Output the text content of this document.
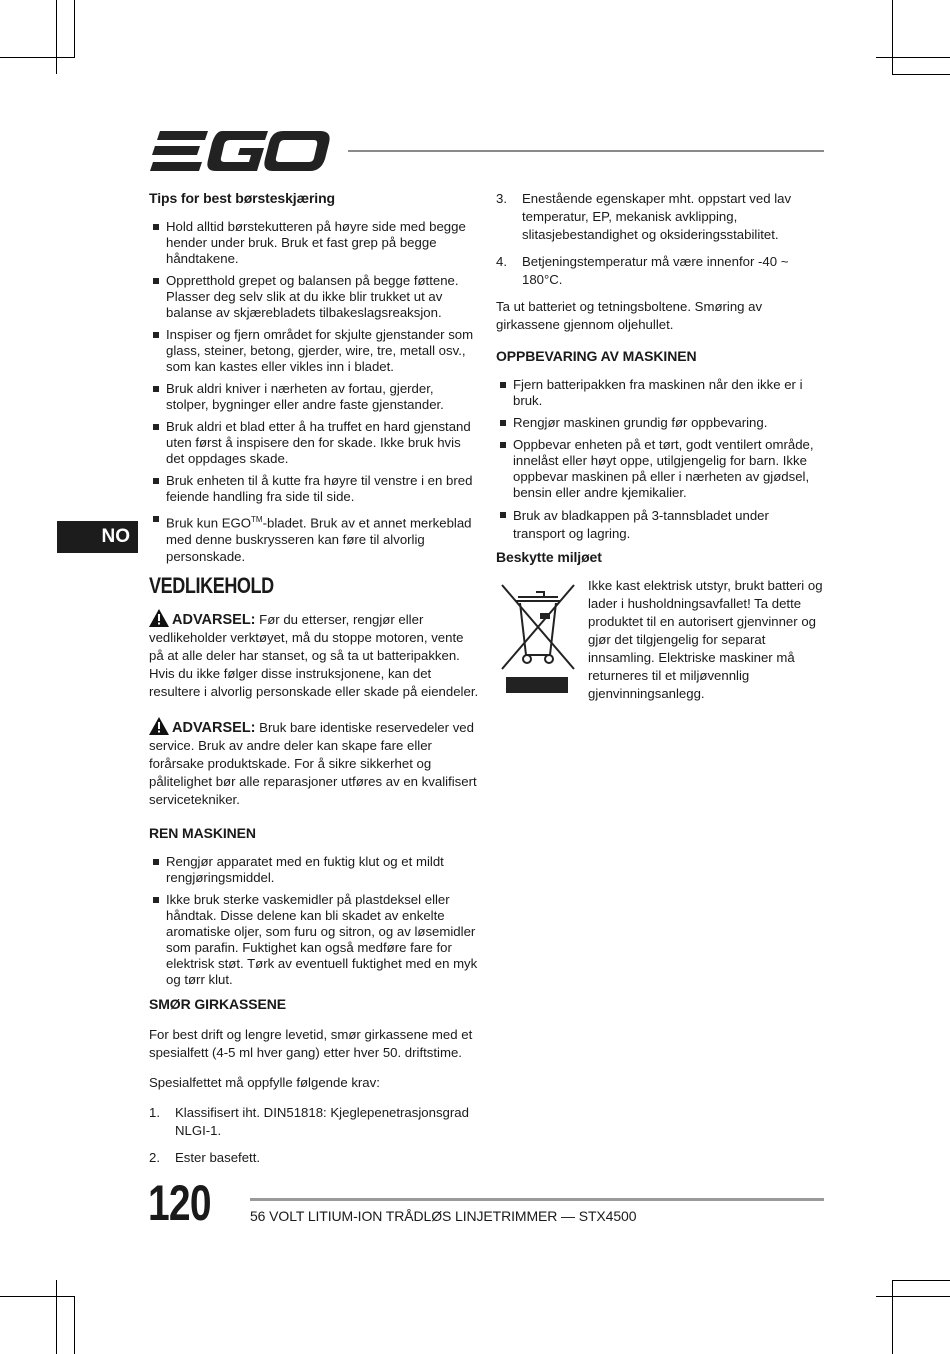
NO
Tips for best børsteskjæring
Hold alltid børstekutteren på høyre side med begge hender under bruk. Bruk et fast grep på begge håndtakene.
Oppretthold grepet og balansen på begge føttene. Plasser deg selv slik at du ikke blir trukket ut av balanse av skjærebladets tilbakeslagsreaksjon.
Inspiser og fjern området for skjulte gjenstander som glass, steiner, betong, gjerder, wire, tre, metall osv., som kan kastes eller vikles inn i bladet.
Bruk aldri kniver i nærheten av fortau, gjerder, stolper, bygninger eller andre faste gjenstander.
Bruk aldri et blad etter å ha truffet en hard gjenstand uten først å inspisere den for skade. Ikke bruk hvis det oppdages skade.
Bruk enheten til å kutte fra høyre til venstre i en bred feiende handling fra side til side.
Bruk kun EGO™-bladet. Bruk av et annet merkeblad med denne buskrysseren kan føre til alvorlig personskade.
VEDLIKEHOLD
ADVARSEL: Før du etterser, rengjør eller vedlikeholder verktøyet, må du stoppe motoren, vente på at alle deler har stanset, og så ta ut batteripakken. Hvis du ikke følger disse instruksjonene, kan det resultere i alvorlig personskade eller skade på eiendeler.
ADVARSEL: Bruk bare identiske reservedeler ved service. Bruk av andre deler kan skape fare eller forårsake produktskade. For å sikre sikkerhet og pålitelighet bør alle reparasjoner utføres av en kvalifisert servicetekniker.
REN MASKINEN
Rengjør apparatet med en fuktig klut og et mildt rengjøringsmiddel.
Ikke bruk sterke vaskemidler på plastdeksel eller håndtak. Disse delene kan bli skadet av enkelte aromatiske oljer, som furu og sitron, og av løsemidler som parafin. Fuktighet kan også medføre fare for elektrisk støt. Tørk av eventuell fuktighet med en myk og tørr klut.
SMØR GIRKASSENE
For best drift og lengre levetid, smør girkassene med et spesialfett (4-5 ml hver gang) etter hver 50. driftstime.
Spesialfettet må oppfylle følgende krav:
1.	Klassifisert iht. DIN51818: Kjeglepenetrasjonsgrad NLGI-1.
2.	Ester basefett.
3.	Enestående egenskaper mht. oppstart ved lav temperatur, EP, mekanisk avklipping, slitasjebestandighet og oksideringsstabilitet.
4.	Betjeningstemperatur må være innenfor -40 ~ 180°C.
Ta ut batteriet og tetningsboltene. Smøring av girkassene gjennom oljehullet.
OPPBEVARING AV MASKINEN
Fjern batteripakken fra maskinen når den ikke er i bruk.
Rengjør maskinen grundig før oppbevaring.
Oppbevar enheten på et tørt, godt ventilert område, innelåst eller høyt oppe, utilgjengelig for barn. Ikke oppbevar maskinen på eller i nærheten av gjødsel, bensin eller andre kjemikalier.
Bruk av bladkappen på 3-tannsbladet under transport og lagring.
Beskytte miljøet
Ikke kast elektrisk utstyr, brukt batteri og lader i husholdningsavfallet! Ta dette produktet til en autorisert gjenvinner og gjør det tilgjengelig for separat innsamling. Elektriske maskiner må returneres til et miljøvennlig gjenvinningsanlegg.
120	56 VOLT LITIUM-ION TRÅDLØS LINJETRIMMER — STX4500
